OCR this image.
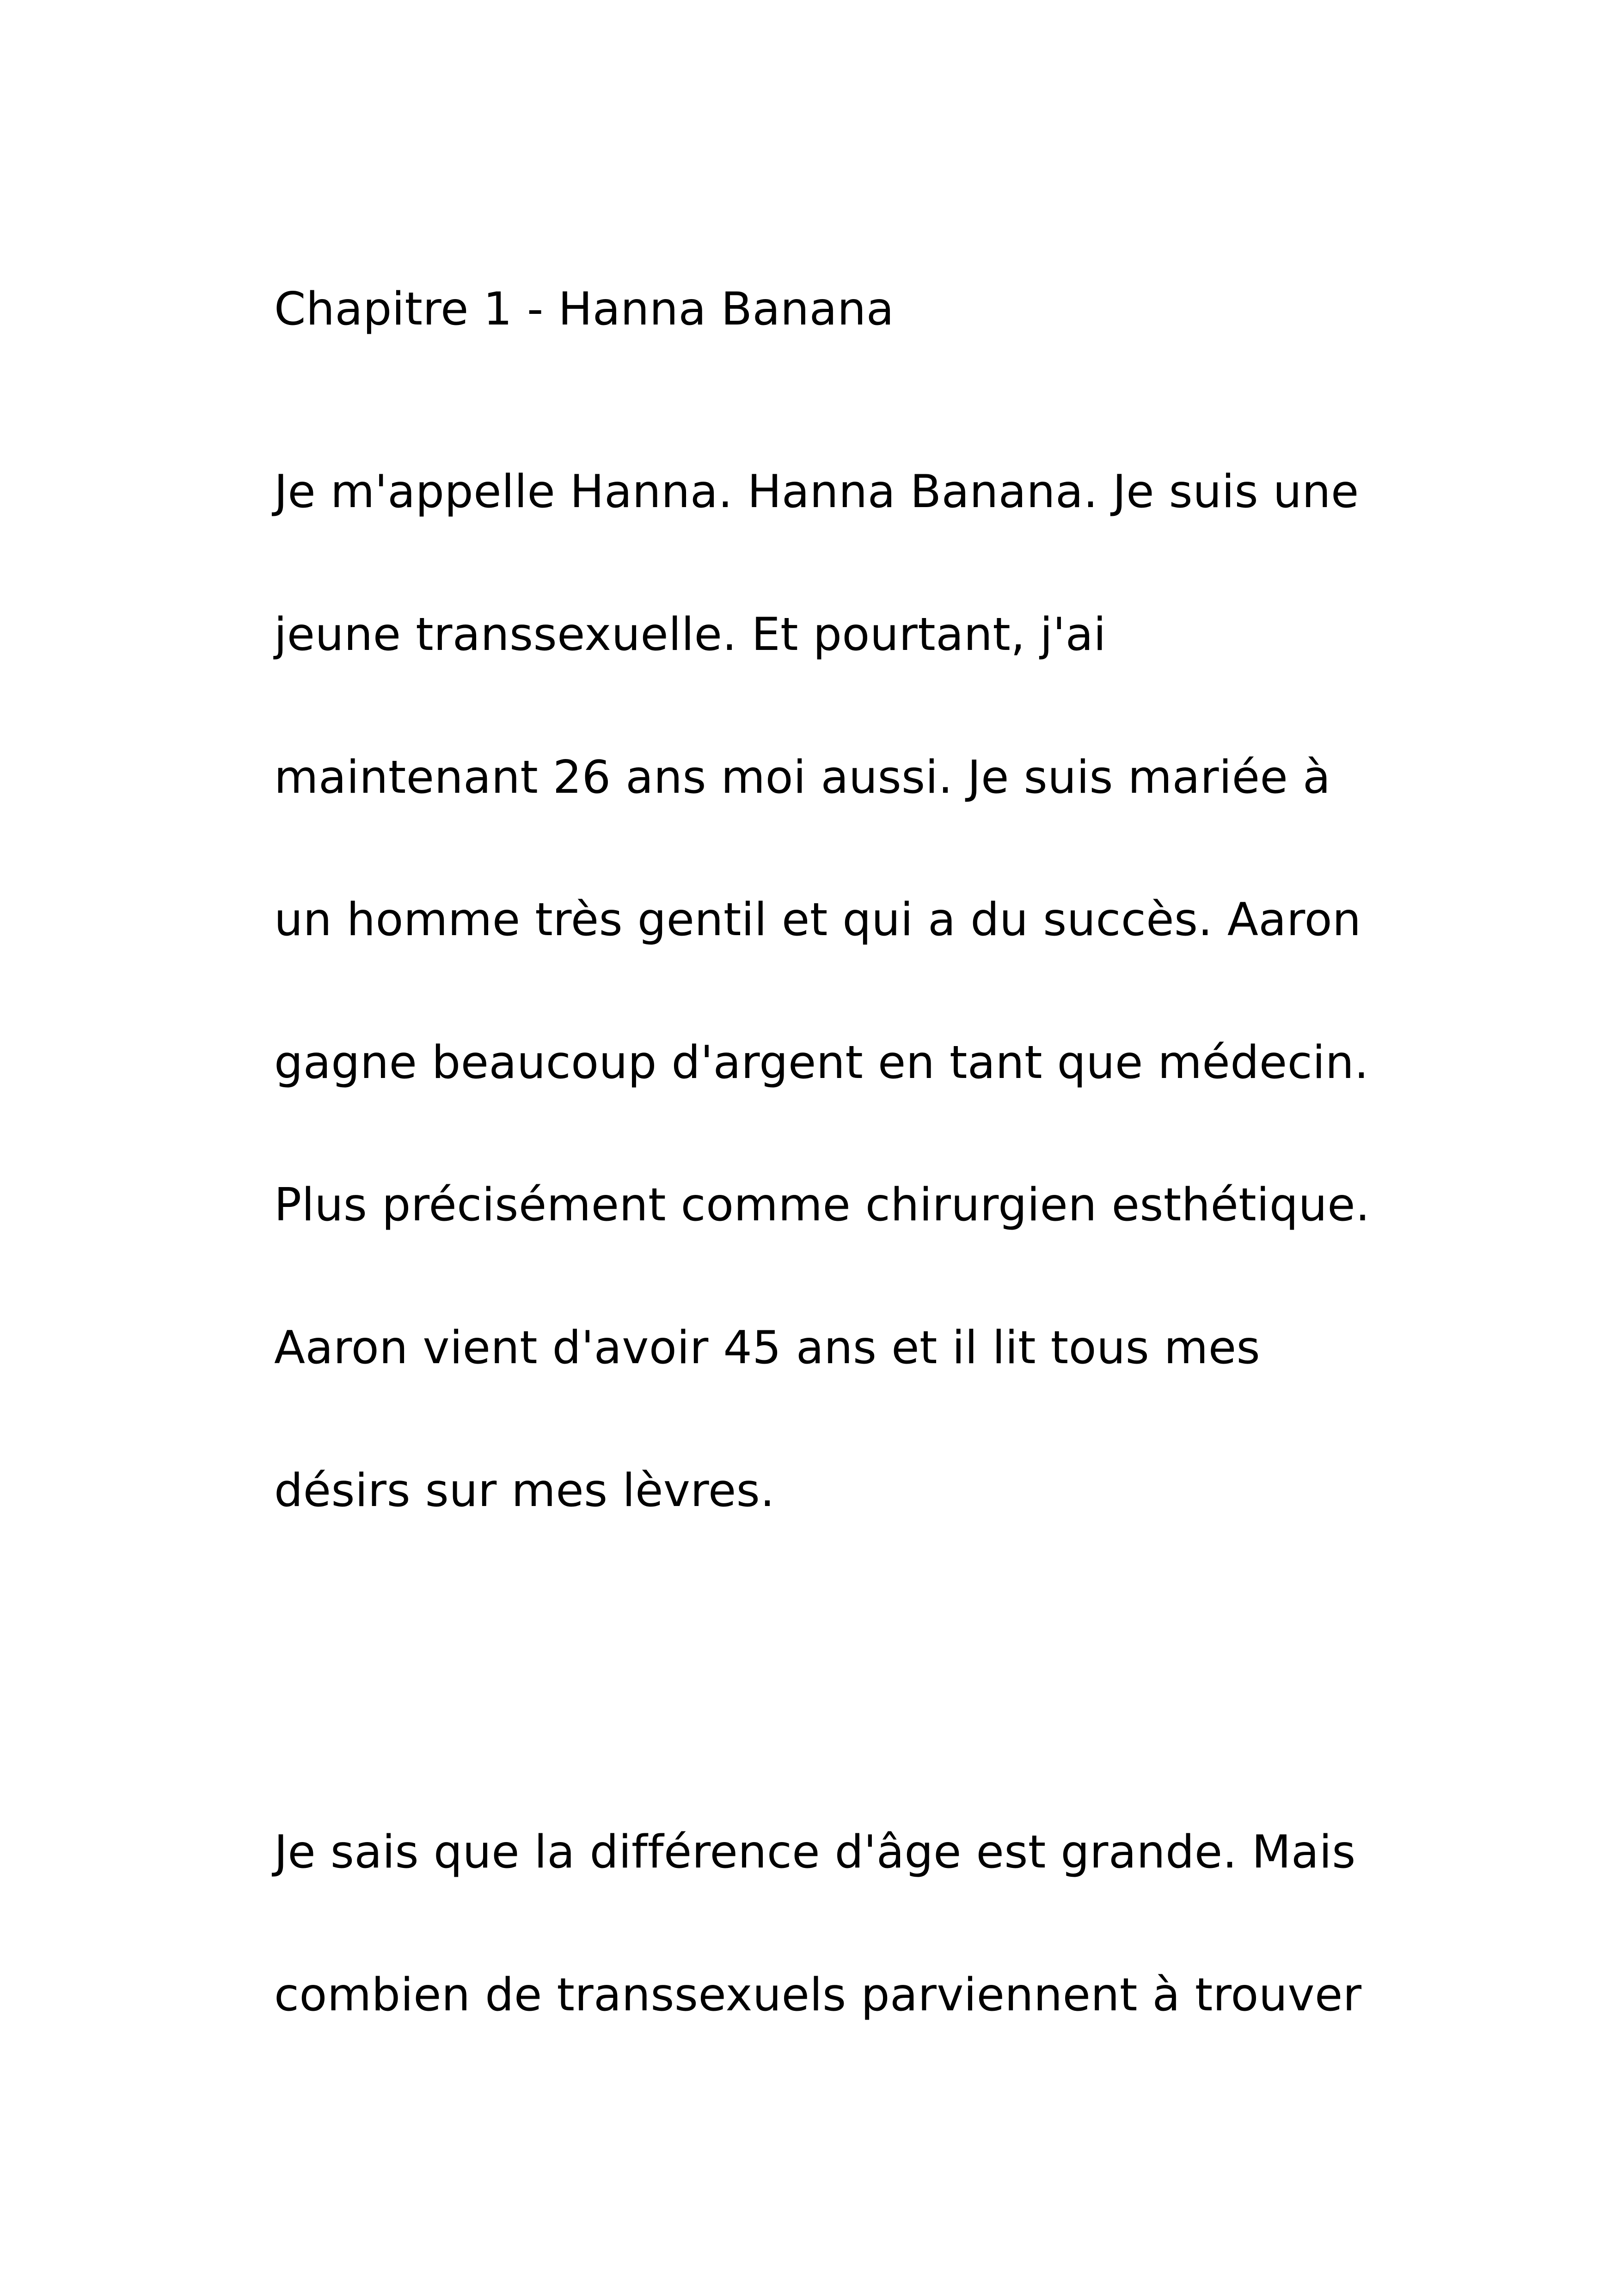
Chapitre 1 - Hanna Banana

Je m'appelle Hanna. Hanna Banana. Je suis une

jeune transsexuelle. Et pourtant, j'ai

maintenant 26 ans moi aussi. Je suis mariée à

un homme très gentil et qui a du succès. Aaron

gagne beaucoup d'argent en tant que médecin.

Plus précisément comme chirurgien esthétique.

Aaron vient d'avoir 45 ans et il lit tous mes

désirs sur mes lèvres.

Je sais que la différence d'âge est grande. Mais

combien de transsexuels parviennent à trouver
